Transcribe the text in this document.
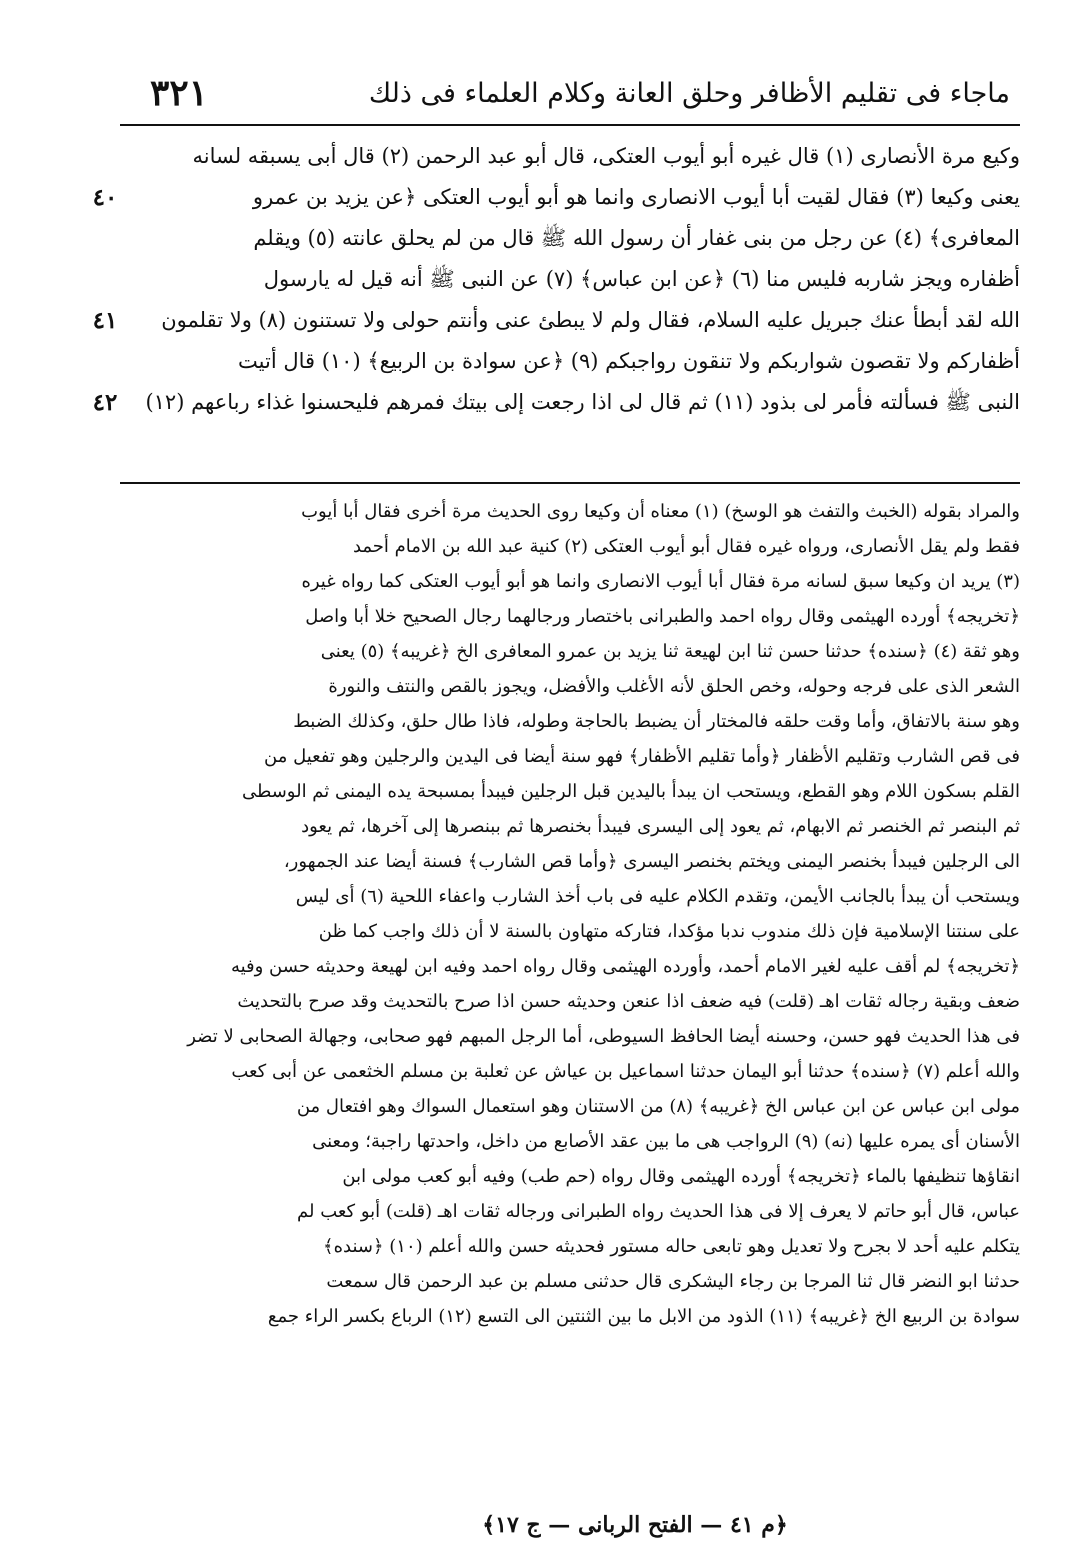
٣٢١	ماجاء فى تقليم الأظافر وحلق العانة وكلام العلماء فى ذلك
٤٠
٤١
٤٢
وكيع مرة الأنصارى (١) قال غيره أبو أيوب العتكى، قال أبو عبد الرحمن (٢) قال أبى يسبقه لسانه
يعنى وكيعا (٣) فقال لقيت أبا أيوب الانصارى وانما هو أبو أيوب العتكى ﴿عن يزيد بن عمرو
المعافرى﴾ (٤) عن رجل من بنى غفار أن رسول الله ﷺ قال من لم يحلق عانته (٥) ويقلم
أظفاره ويجز شاربه فليس منا (٦) ﴿عن ابن عباس﴾ (٧) عن النبى ﷺ أنه قيل له يارسول
الله لقد أبطأ عنك جبريل عليه السلام، فقال ولم لا يبطئ عنى وأنتم حولى ولا تستنون (٨) ولا تقلمون
أظفاركم ولا تقصون شواربكم ولا تنقون رواجبكم (٩) ﴿عن سوادة بن الربيع﴾ (١٠) قال أتيت
النبى ﷺ فسألته فأمر لى بذود (١١) ثم قال لى اذا رجعت إلى بيتك فمرهم فليحسنوا غذاء رباعهم (١٢)
والمراد بقوله (الخبث والتفث هو الوسخ) (١) معناه أن وكيعا روى الحديث مرة أخرى فقال أبا أيوب
فقط ولم يقل الأنصارى، ورواه غيره فقال أبو أيوب العتكى (٢) كنية عبد الله بن الامام أحمد
(٣) يريد ان وكيعا سبق لسانه مرة فقال أبا أيوب الانصارى وانما هو أبو أيوب العتكى كما رواه غيره
﴿تخريجه﴾ أورده الهيثمى وقال رواه احمد والطبرانى باختصار ورجالهما رجال الصحيح خلا أبا واصل
وهو ثقة (٤) ﴿سنده﴾ حدثنا حسن ثنا ابن لهيعة ثنا يزيد بن عمرو المعافرى الخ ﴿غريبه﴾ (٥) يعنى
الشعر الذى على فرجه وحوله، وخص الحلق لأنه الأغلب والأفضل، ويجوز بالقص والنتف والنورة
وهو سنة بالاتفاق، وأما وقت حلقه فالمختار أن يضبط بالحاجة وطوله، فاذا طال حلق، وكذلك الضبط
فى قص الشارب وتقليم الأظفار ﴿وأما تقليم الأظفار﴾ فهو سنة أيضا فى اليدين والرجلين وهو تفعيل من
القلم بسكون اللام وهو القطع، ويستحب ان يبدأ باليدين قبل الرجلين فيبدأ بمسبحة يده اليمنى ثم الوسطى
ثم البنصر ثم الخنصر ثم الابهام، ثم يعود إلى اليسرى فيبدأ بخنصرها ثم ببنصرها إلى آخرها، ثم يعود
الى الرجلين فيبدأ بخنصر اليمنى ويختم بخنصر اليسرى ﴿وأما قص الشارب﴾ فسنة أيضا عند الجمهور،
ويستحب أن يبدأ بالجانب الأيمن، وتقدم الكلام عليه فى باب أخذ الشارب واعفاء اللحية (٦) أى ليس
على سنتنا الإسلامية فإن ذلك مندوب ندبا مؤكدا، فتاركه متهاون بالسنة لا أن ذلك واجب كما ظن
﴿تخريجه﴾ لم أقف عليه لغير الامام أحمد، وأورده الهيثمى وقال رواه احمد وفيه ابن لهيعة وحديثه حسن وفيه
ضعف وبقية رجاله ثقات اهـ (قلت) فيه ضعف اذا عنعن وحديثه حسن اذا صرح بالتحديث وقد صرح بالتحديث
فى هذا الحديث فهو حسن، وحسنه أيضا الحافظ السيوطى، أما الرجل المبهم فهو صحابى، وجهالة الصحابى لا تضر
والله أعلم (٧) ﴿سنده﴾ حدثنا أبو اليمان حدثنا اسماعيل بن عياش عن ثعلبة بن مسلم الخثعمى عن أبى كعب
مولى ابن عباس عن ابن عباس الخ ﴿غريبه﴾ (٨) من الاستنان وهو استعمال السواك وهو افتعال من
الأسنان أى يمره عليها (نه) (٩) الرواجب هى ما بين عقد الأصابع من داخل، واحدتها راجبة؛ ومعنى
انقاؤها تنظيفها بالماء ﴿تخريجه﴾ أورده الهيثمى وقال رواه (حم طب) وفيه أبو كعب مولى ابن
عباس، قال أبو حاتم لا يعرف إلا فى هذا الحديث رواه الطبرانى ورجاله ثقات اهـ (قلت) أبو كعب لم
يتكلم عليه أحد لا بجرح ولا تعديل وهو تابعى حاله مستور فحديثه حسن والله أعلم (١٠) ﴿سنده﴾
حدثنا ابو النضر قال ثنا المرجا بن رجاء اليشكرى قال حدثنى مسلم بن عبد الرحمن قال سمعت
سوادة بن الربيع الخ ﴿غريبه﴾ (١١) الذود من الابل ما بين الثنتين الى التسع (١٢) الرباع بكسر الراء جمع
﴿م ٤١ — الفتح الربانى — ج ١٧﴾
